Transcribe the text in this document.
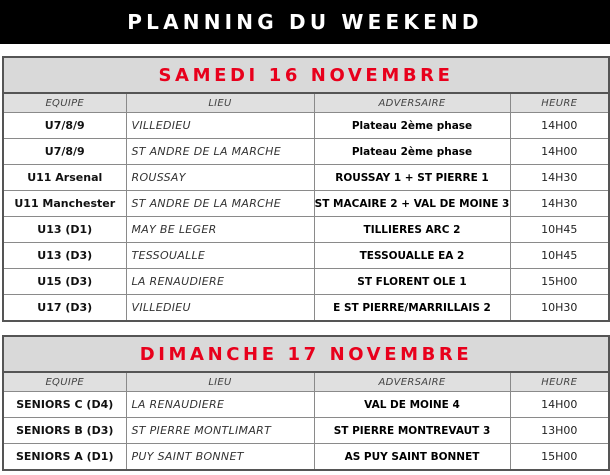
PLANNING DU WEEKEND
SAMEDI 16 NOVEMBRE
EQUIPE	LIEU	ADVERSAIRE	HEURE
U7/8/9	VILLEDIEU	Plateau 2ème phase	14H00
U7/8/9	ST ANDRE DE LA MARCHE	Plateau 2ème phase	14H00
U11 Arsenal	ROUSSAY	ROUSSAY 1 + ST PIERRE 1	14H30
U11 Manchester	ST ANDRE DE LA MARCHE	ST MACAIRE 2 + VAL DE MOINE 3	14H30
U13 (D1)	MAY BE LEGER	TILLIERES ARC 2	10H45
U13 (D3)	TESSOUALLE	TESSOUALLE EA 2	10H45
U15 (D3)	LA RENAUDIERE	ST FLORENT OLE 1	15H00
U17 (D3)	VILLEDIEU	E ST PIERRE/MARRILLAIS 2	10H30
DIMANCHE 17 NOVEMBRE
EQUIPE	LIEU	ADVERSAIRE	HEURE
SENIORS C (D4)	LA RENAUDIERE	VAL DE MOINE 4	14H00
SENIORS B (D3)	ST PIERRE MONTLIMART	ST PIERRE MONTREVAUT 3	13H00
SENIORS A (D1)	PUY SAINT BONNET	AS PUY SAINT BONNET	15H00
